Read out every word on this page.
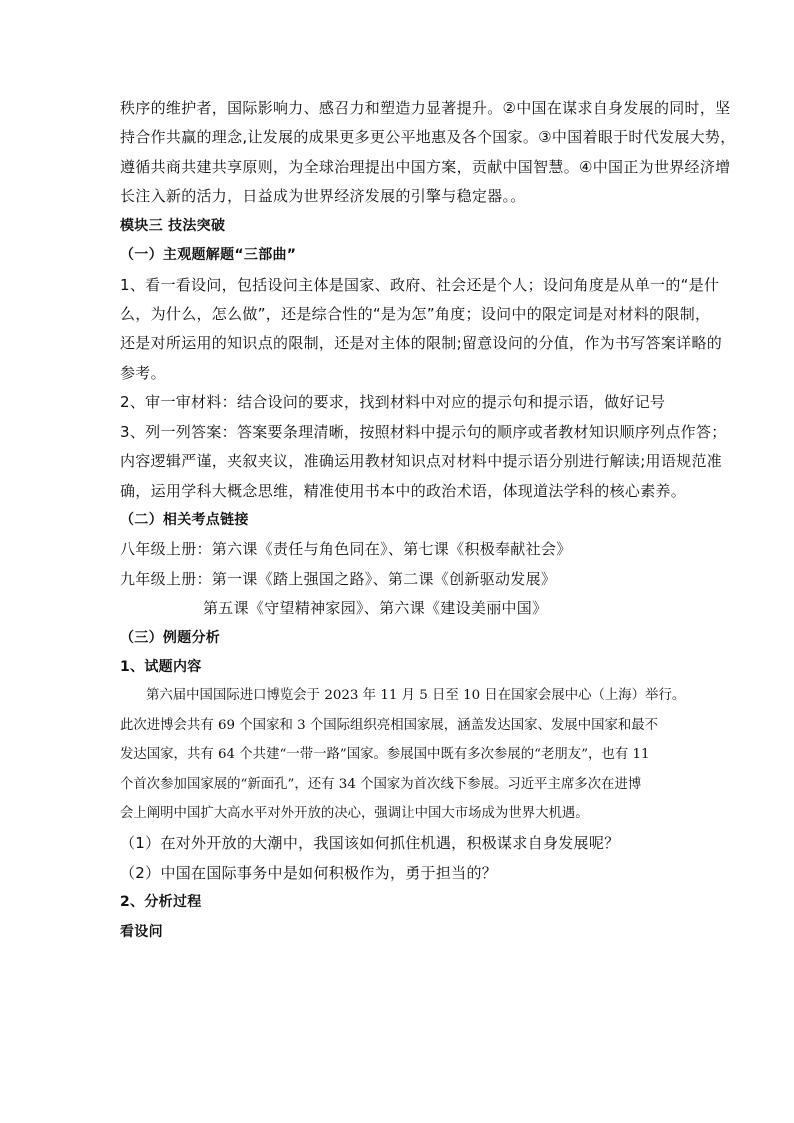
秩序的维护者，国际影响力、感召力和塑造力显著提升。②中国在谋求自身发展的同时，坚
持合作共赢的理念,让发展的成果更多更公平地惠及各个国家。③中国着眼于时代发展大势，
遵循共商共建共享原则，为全球治理提出中国方案，贡献中国智慧。④中国正为世界经济增
长注入新的活力，日益成为世界经济发展的引擎与稳定器。。
模块三 技法突破
（一）主观题解题“三部曲”
1、看一看设问，包括设问主体是国家、政府、社会还是个人；设问角度是从单一的“是什
么，为什么，怎么做”，还是综合性的“是为怎”角度；设问中的限定词是对材料的限制，
还是对所运用的知识点的限制，还是对主体的限制;留意设问的分值，作为书写答案详略的
参考。
2、审一审材料：结合设问的要求，找到材料中对应的提示句和提示语，做好记号
3、列一列答案：答案要条理清晰，按照材料中提示句的顺序或者教材知识顺序列点作答；
内容逻辑严谨，夹叙夹议，准确运用教材知识点对材料中提示语分别进行解读;用语规范准
确，运用学科大概念思维，精准使用书本中的政治术语，体现道法学科的核心素养。
（二）相关考点链接
八年级上册：第六课《责任与角色同在》、第七课《积极奉献社会》
九年级上册：第一课《踏上强国之路》、第二课《创新驱动发展》
第五课《守望精神家园》、第六课《建设美丽中国》
（三）例题分析
1、试题内容
第六届中国国际进口博览会于 2023 年 11 月 5 日至 10 日在国家会展中心（上海）举行。
此次进博会共有 69 个国家和 3 个国际组织亮相国家展，涵盖发达国家、发展中国家和最不
发达国家，共有 64 个共建“一带一路”国家。参展国中既有多次参展的“老朋友”，也有 11
个首次参加国家展的“新面孔”，还有 34 个国家为首次线下参展。习近平主席多次在进博
会上阐明中国扩大高水平对外开放的决心，强调让中国大市场成为世界大机遇。
（1）在对外开放的大潮中，我国该如何抓住机遇，积极谋求自身发展呢？
（2）中国在国际事务中是如何积极作为，勇于担当的？
2、分析过程
看设问
